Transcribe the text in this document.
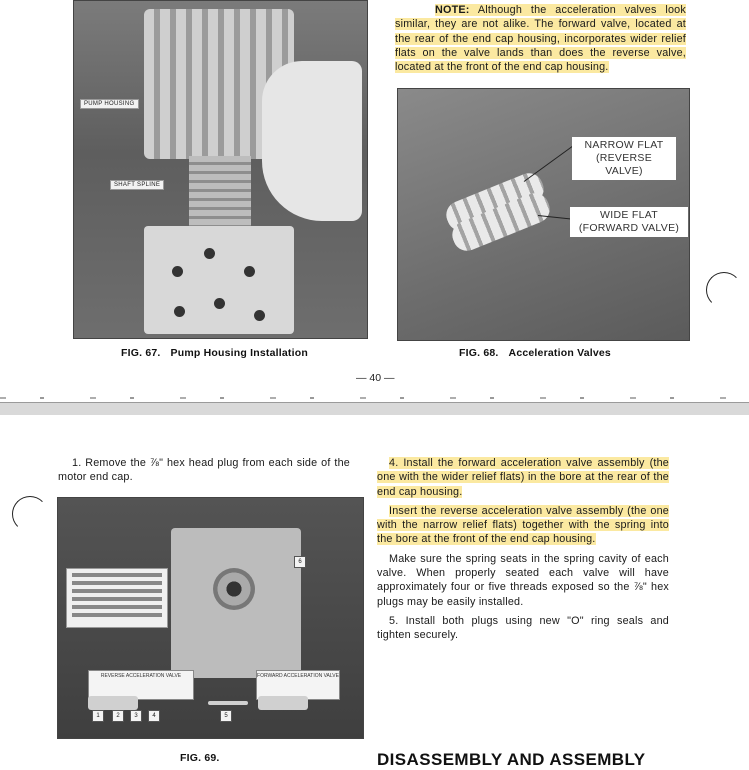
PUMP HOUSING
SHAFT SPLINE

NOTE: Although the acceleration valves look similar, they are not alike. The forward valve, located at the rear of the end cap housing, incorporates wider relief flats on the valve lands than does the reverse valve, located at the front of the end cap housing.

NARROW FLAT
(REVERSE VALVE)
WIDE FLAT
(FORWARD VALVE)
FIG. 67. Pump Housing Installation	FIG. 68. Acceleration Valves
— 40 —

1. Remove the ⅞" hex head plug from each side of the motor end cap.

REVERSE ACCELERATION VALVE	FORWARD ACCELERATION VALVE
1	2	3	4	5
6
FIG. 69.

4. Install the forward acceleration valve assembly (the one with the wider relief flats) in the bore at the rear of the end cap housing.

Insert the reverse acceleration valve assembly (the one with the narrow relief flats) together with the spring into the bore at the front of the end cap housing.

Make sure the spring seats in the spring cavity of each valve. When properly seated each valve will have approximately four or five threads exposed so the ⅞" hex plugs may be easily installed.

5. Install both plugs using new "O" ring seals and tighten securely.

DISASSEMBLY AND ASSEMBLY
